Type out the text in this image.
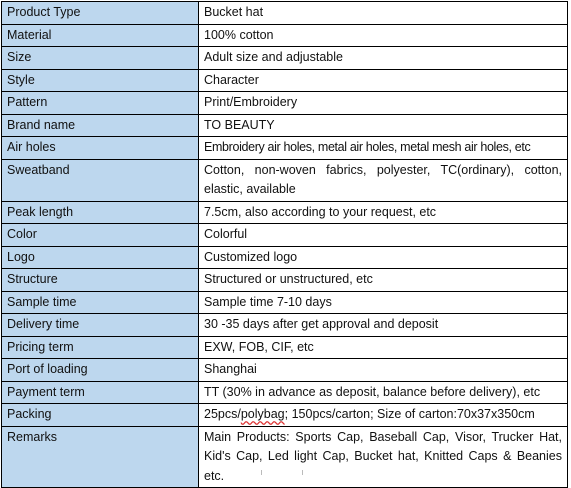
Product Type	Bucket hat
Material	100% cotton
Size	Adult size and adjustable
Style	Character
Pattern	Print/Embroidery
Brand name	TO BEAUTY
Air holes	Embroidery air holes, metal air holes, metal mesh air holes, etc
Sweatband	Cotton, non-woven fabrics, polyester, TC(ordinary), cotton, elastic, available
Peak length	7.5cm, also according to your request, etc
Color	Colorful
Logo	Customized logo
Structure	Structured or unstructured, etc
Sample time	Sample time 7-10 days
Delivery time	30 -35 days after get approval and deposit
Pricing term	EXW, FOB, CIF, etc
Port of loading	Shanghai
Payment term	TT (30% in advance as deposit, balance before delivery), etc
Packing	25pcs/polybag; 150pcs/carton; Size of carton:70x37x350cm
Remarks	Main Products: Sports Cap, Baseball Cap, Visor, Trucker Hat, Kid's Cap, Led light Cap, Bucket hat, Knitted Caps & Beanies etc.
